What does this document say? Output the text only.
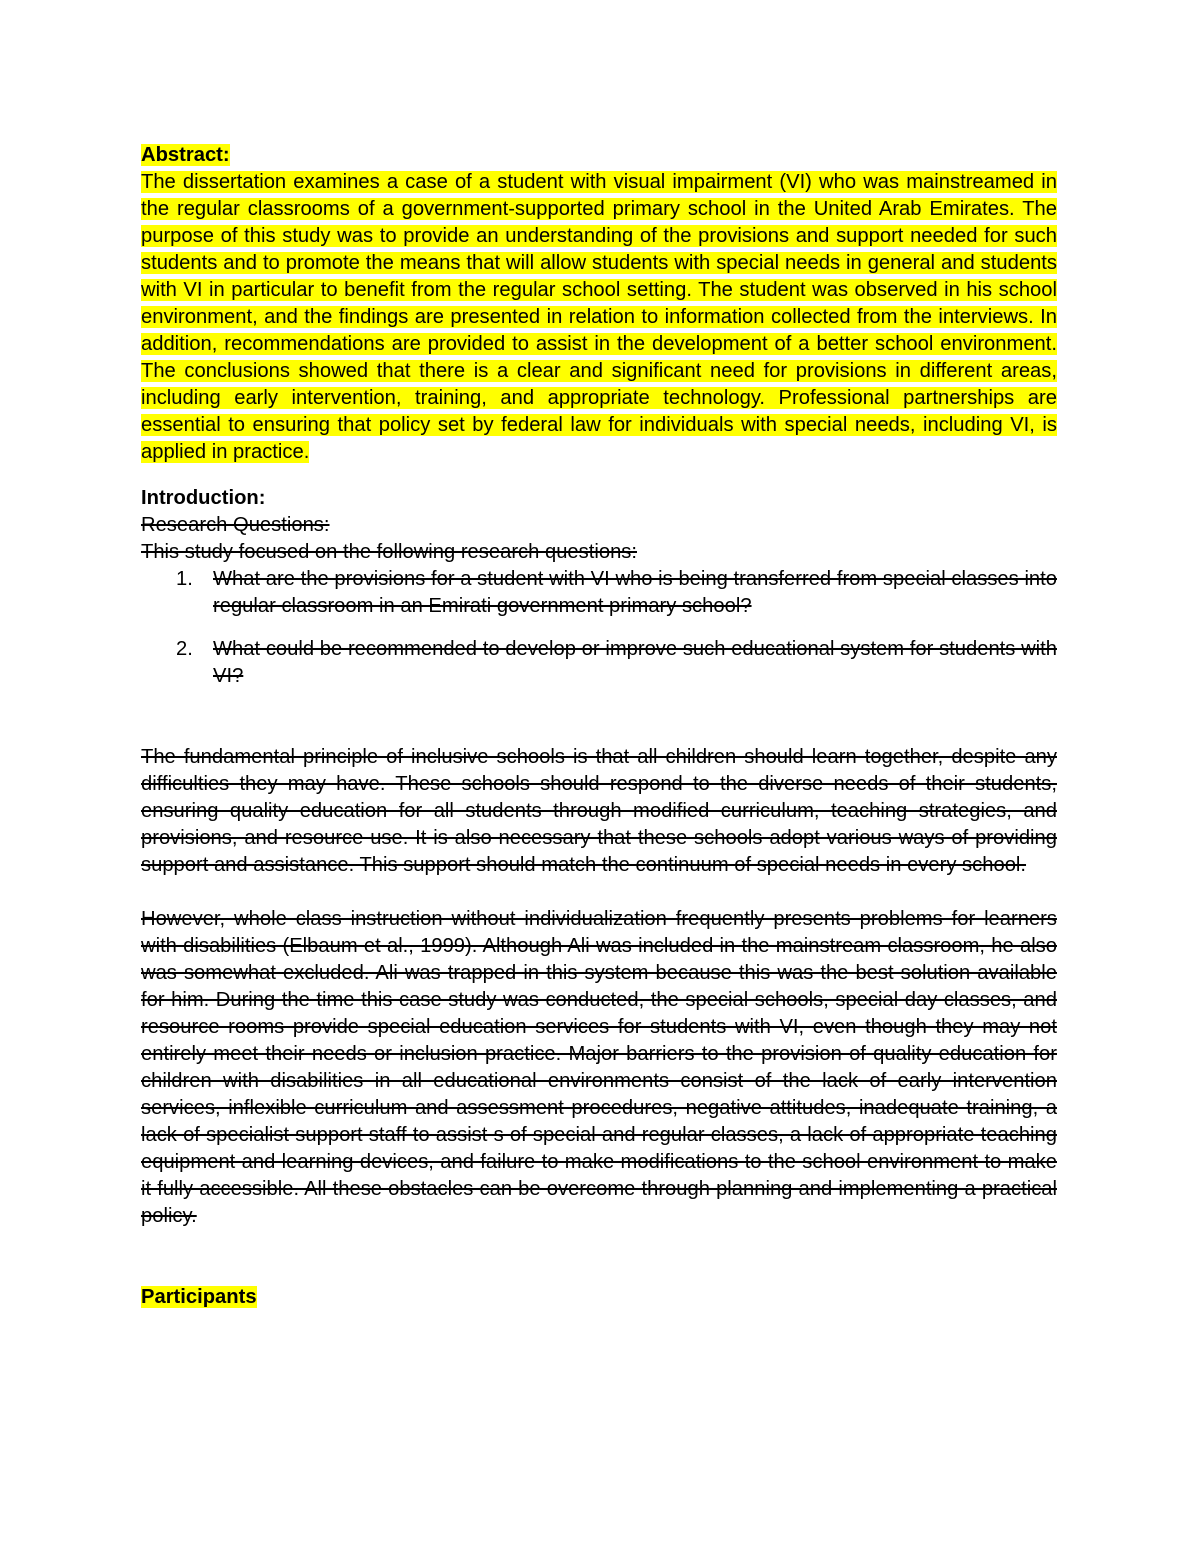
Abstract:

The dissertation examines a case of a student with visual impairment (VI) who was mainstreamed in the regular classrooms of a government-supported primary school in the United Arab Emirates. The purpose of this study was to provide an understanding of the provisions and support needed for such students and to promote the means that will allow students with special needs in general and students with VI in particular to benefit from the regular school setting. The student was observed in his school environment, and the findings are presented in relation to information collected from the interviews. In addition, recommendations are provided to assist in the development of a better school environment. The conclusions showed that there is a clear and significant need for provisions in different areas, including early intervention, training, and appropriate technology. Professional partnerships are essential to ensuring that policy set by federal law for individuals with special needs, including VI, is applied in practice.

Introduction:

Research Questions:

This study focused on the following research questions:

1. What are the provisions for a student with VI who is being transferred from special classes into regular classroom in an Emirati government primary school?
2. What could be recommended to develop or improve such educational system for students with VI?

The fundamental principle of inclusive schools is that all children should learn together, despite any difficulties they may have. These schools should respond to the diverse needs of their students, ensuring quality education for all students through modified curriculum, teaching strategies, and provisions, and resource use. It is also necessary that these schools adopt various ways of providing support and assistance. This support should match the continuum of special needs in every school.

However, whole class instruction without individualization frequently presents problems for learners with disabilities (Elbaum et al., 1999). Although Ali was included in the mainstream classroom, he also was somewhat excluded. Ali was trapped in this system because this was the best solution available for him. During the time this case study was conducted, the special schools, special day classes, and resource rooms provide special education services for students with VI, even though they may not entirely meet their needs or inclusion practice. Major barriers to the provision of quality education for children with disabilities in all educational environments consist of the lack of early intervention services, inflexible curriculum and assessment procedures, negative attitudes, inadequate training, a lack of specialist support staff to assist s of special and regular classes, a lack of appropriate teaching equipment and learning devices, and failure to make modifications to the school environment to make it fully accessible. All these obstacles can be overcome through planning and implementing a practical policy.

Participants
